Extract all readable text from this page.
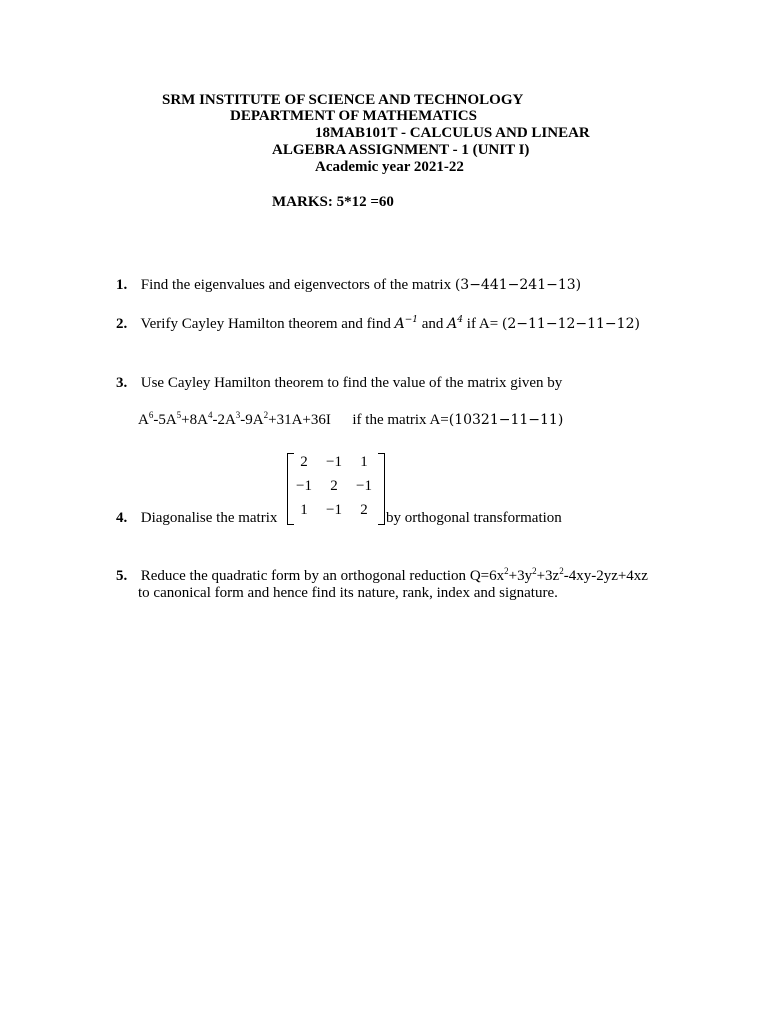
SRM INSTITUTE OF SCIENCE AND TECHNOLOGY
DEPARTMENT OF MATHEMATICS
18MAB101T - CALCULUS AND LINEAR
ALGEBRA ASSIGNMENT - 1 (UNIT I)
Academic year 2021-22
MARKS: 5*12 =60
1. Find the eigenvalues and eigenvectors of the matrix (3−441−241−13)
2. Verify Cayley Hamilton theorem and find $A^{-1}$ and $A^4$ if A= (2−11−12−11−12)
3. Use Cayley Hamilton theorem to find the value of the matrix given by
$A^6-5A^5+8A^4-2A^3-9A^2+31A+36I$ if the matrix A=(10321−11−11)
2	−1	1
−1	2	−1
1	−1	2
4. Diagonalise the matrix	by orthogonal transformation
5. Reduce the quadratic form by an orthogonal reduction $Q=6x^2+3y^2+3z^2-4xy-2yz+4xz$
to canonical form and hence find its nature, rank, index and signature.
